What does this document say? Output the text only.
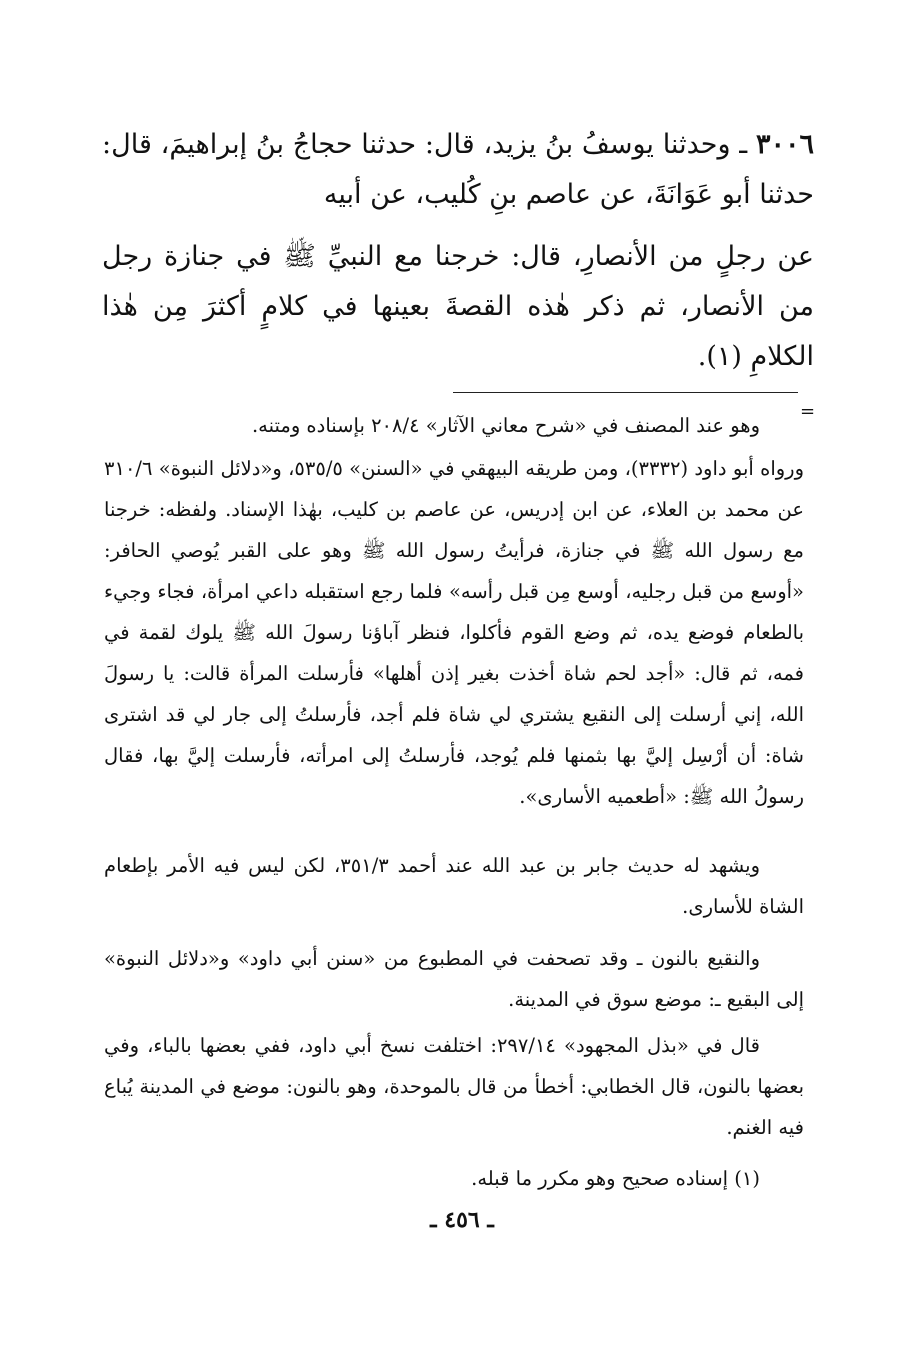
٣٠٠٦ ـ وحدثنا يوسفُ بنُ يزيد، قال: حدثنا حجاجُ بنُ إبراهيمَ، قال: حدثنا أبو عَوَانَةَ، عن عاصم بنِ كُليب، عن أبيه

عن رجلٍ من الأنصارِ، قال: خرجنا مع النبيِّ ﷺ في جنازة رجل من الأنصار، ثم ذكر هٰذه القصةَ بعينها في كلامٍ أكثرَ مِن هٰذا الكلامِ (١).

=

وهو عند المصنف في «شرح معاني الآثار» ٢٠٨/٤ بإسناده ومتنه.

ورواه أبو داود (٣٣٣٢)، ومن طريقه البيهقي في «السنن» ٥٣٥/٥، و«دلائل النبوة» ٣١٠/٦ عن محمد بن العلاء، عن ابن إدريس، عن عاصم بن كليب، بهٰذا الإسناد. ولفظه: خرجنا مع رسول الله ﷺ في جنازة، فرأيتُ رسول الله ﷺ وهو على القبر يُوصي الحافر: «أوسع من قبل رجليه، أوسع مِن قبل رأسه» فلما رجع استقبله داعي امرأة، فجاء وجيء بالطعام فوضع يده، ثم وضع القوم فأكلوا، فنظر آباؤنا رسولَ الله ﷺ يلوك لقمة في فمه، ثم قال: «أجد لحم شاة أخذت بغير إذن أهلها» فأرسلت المرأة قالت: يا رسولَ الله، إني أرسلت إلى النقيع يشتري لي شاة فلم أجد، فأرسلتُ إلى جار لي قد اشترى شاة: أن أرْسِل إليَّ بها بثمنها فلم يُوجد، فأرسلتُ إلى امرأته، فأرسلت إليَّ بها، فقال رسولُ الله ﷺ: «أطعميه الأسارى».

ويشهد له حديث جابر بن عبد الله عند أحمد ٣٥١/٣، لكن ليس فيه الأمر بإطعام الشاة للأسارى.

والنقيع بالنون ـ وقد تصحفت في المطبوع من «سنن أبي داود» و«دلائل النبوة» إلى البقيع ـ: موضع سوق في المدينة.

قال في «بذل المجهود» ٢٩٧/١٤: اختلفت نسخ أبي داود، ففي بعضها بالباء، وفي بعضها بالنون، قال الخطابي: أخطأ من قال بالموحدة، وهو بالنون: موضع في المدينة يُباع فيه الغنم.

(١) إسناده صحيح وهو مكرر ما قبله.

ـ ٤٥٦ ـ
